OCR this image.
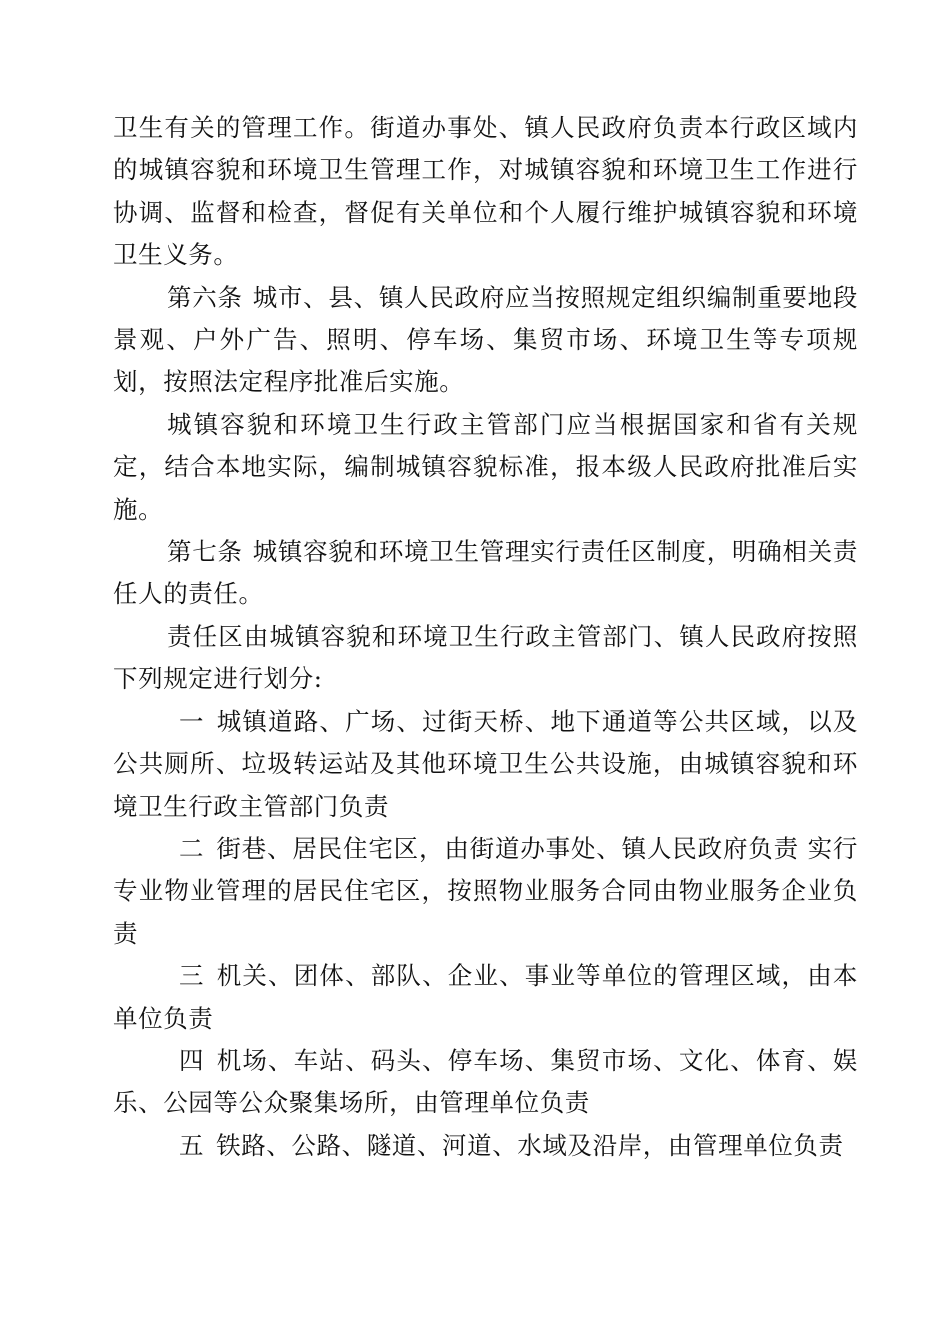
卫生有关的管理工作。街道办事处、镇人民政府负责本行政区域内的城镇容貌和环境卫生管理工作，对城镇容貌和环境卫生工作进行协调、监督和检查，督促有关单位和个人履行维护城镇容貌和环境卫生义务。

第六条 城市、县、镇人民政府应当按照规定组织编制重要地段景观、户外广告、照明、停车场、集贸市场、环境卫生等专项规划，按照法定程序批准后实施。

城镇容貌和环境卫生行政主管部门应当根据国家和省有关规定，结合本地实际，编制城镇容貌标准，报本级人民政府批准后实施。

第七条 城镇容貌和环境卫生管理实行责任区制度，明确相关责任人的责任。

责任区由城镇容貌和环境卫生行政主管部门、镇人民政府按照下列规定进行划分:

一 城镇道路、广场、过街天桥、地下通道等公共区域，以及公共厕所、垃圾转运站及其他环境卫生公共设施，由城镇容貌和环境卫生行政主管部门负责

二 街巷、居民住宅区，由街道办事处、镇人民政府负责 实行专业物业管理的居民住宅区，按照物业服务合同由物业服务企业负责

三 机关、团体、部队、企业、事业等单位的管理区域，由本单位负责

四 机场、车站、码头、停车场、集贸市场、文化、体育、娱乐、公园等公众聚集场所，由管理单位负责

五 铁路、公路、隧道、河道、水域及沿岸，由管理单位负责
